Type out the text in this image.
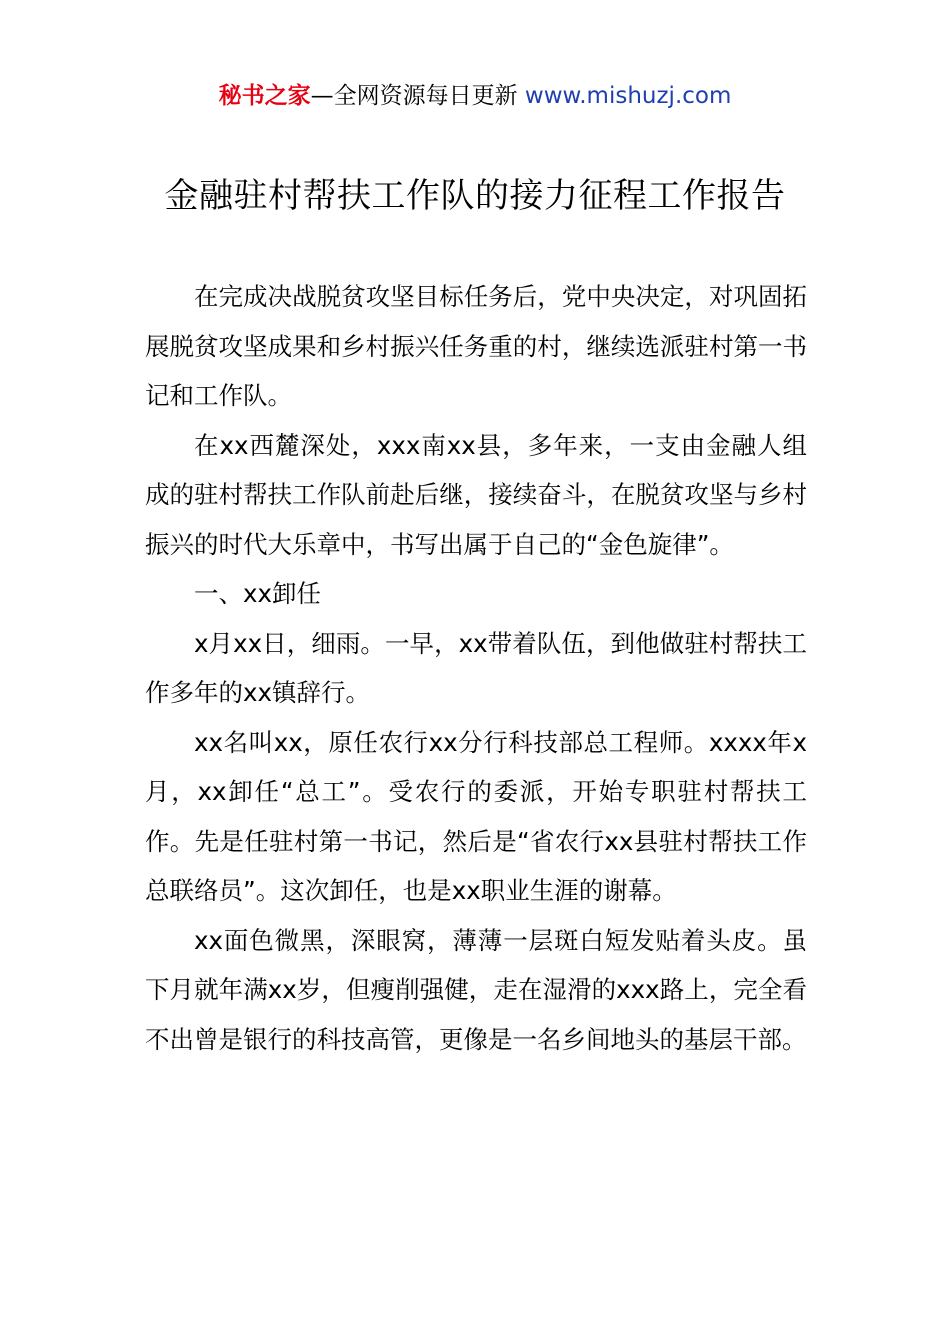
秘书之家—全网资源每日更新 www.mishuzj.com
金融驻村帮扶工作队的接力征程工作报告

在完成决战脱贫攻坚目标任务后，党中央决定，对巩固拓展脱贫攻坚成果和乡村振兴任务重的村，继续选派驻村第一书记和工作队。

在xx西麓深处，xxx南xx县，多年来，一支由金融人组成的驻村帮扶工作队前赴后继，接续奋斗，在脱贫攻坚与乡村振兴的时代大乐章中，书写出属于自己的“金色旋律”。

一、xx卸任

x月xx日，细雨。一早，xx带着队伍，到他做驻村帮扶工作多年的xx镇辞行。

xx名叫xx，原任农行xx分行科技部总工程师。xxxx年x月，xx卸任“总工”。受农行的委派，开始专职驻村帮扶工作。先是任驻村第一书记，然后是“省农行xx县驻村帮扶工作总联络员”。这次卸任，也是xx职业生涯的谢幕。

xx面色微黑，深眼窝，薄薄一层斑白短发贴着头皮。虽下月就年满xx岁，但瘦削强健，走在湿滑的xxx路上，完全看不出曾是银行的科技高管，更像是一名乡间地头的基层干部。
